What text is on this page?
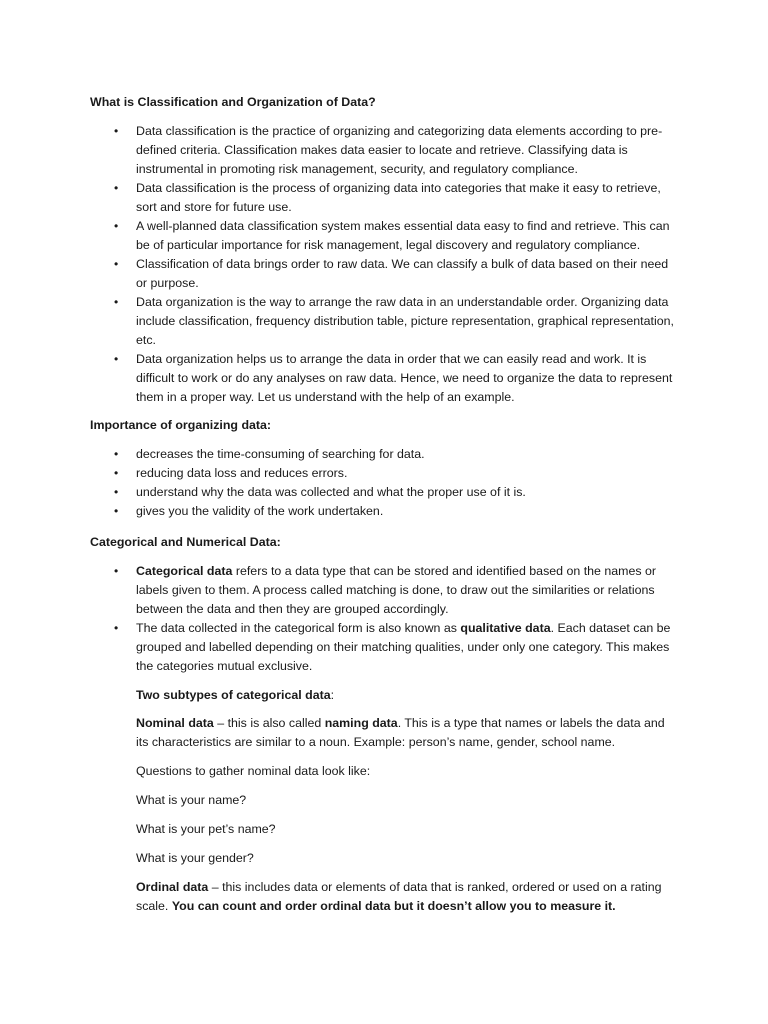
What is Classification and Organization of Data?
• Data classification is the practice of organizing and categorizing data elements according to pre-defined criteria. Classification makes data easier to locate and retrieve. Classifying data is instrumental in promoting risk management, security, and regulatory compliance.
• Data classification is the process of organizing data into categories that make it easy to retrieve, sort and store for future use.
• A well-planned data classification system makes essential data easy to find and retrieve. This can be of particular importance for risk management, legal discovery and regulatory compliance.
• Classification of data brings order to raw data. We can classify a bulk of data based on their need or purpose.
• Data organization is the way to arrange the raw data in an understandable order. Organizing data include classification, frequency distribution table, picture representation, graphical representation, etc.
• Data organization helps us to arrange the data in order that we can easily read and work. It is difficult to work or do any analyses on raw data. Hence, we need to organize the data to represent them in a proper way. Let us understand with the help of an example.
Importance of organizing data:
• decreases the time-consuming of searching for data.
• reducing data loss and reduces errors.
• understand why the data was collected and what the proper use of it is.
• gives you the validity of the work undertaken.
Categorical and Numerical Data:
• Categorical data refers to a data type that can be stored and identified based on the names or labels given to them. A process called matching is done, to draw out the similarities or relations between the data and then they are grouped accordingly.
• The data collected in the categorical form is also known as qualitative data. Each dataset can be grouped and labelled depending on their matching qualities, under only one category. This makes the categories mutual exclusive.
Two subtypes of categorical data:
Nominal data – this is also called naming data. This is a type that names or labels the data and its characteristics are similar to a noun. Example: person’s name, gender, school name.
Questions to gather nominal data look like:
What is your name?
What is your pet’s name?
What is your gender?
Ordinal data – this includes data or elements of data that is ranked, ordered or used on a rating scale. You can count and order ordinal data but it doesn’t allow you to measure it.
